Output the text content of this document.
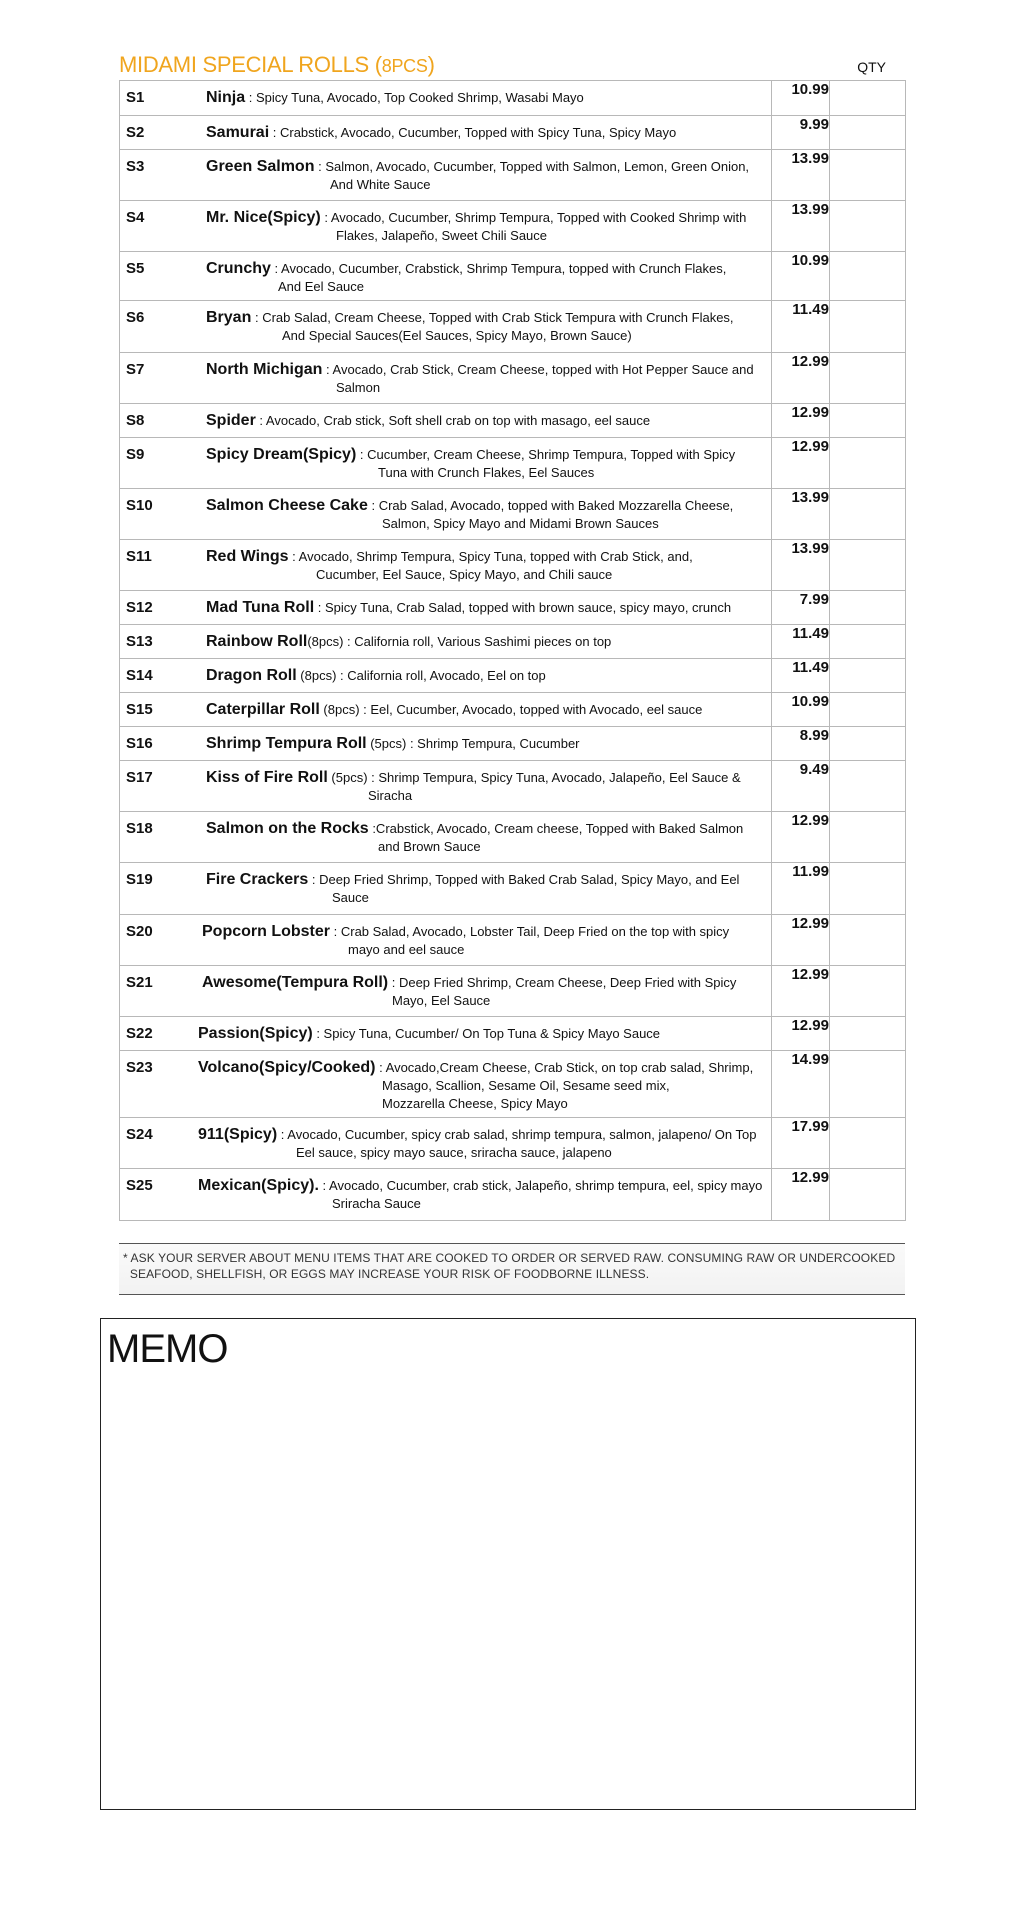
MIDAMI SPECIAL ROLLS (8PCS)	QTY
S1 Ninja : Spicy Tuna, Avocado, Top Cooked Shrimp, Wasabi Mayo	10.99	

S2 Samurai : Crabstick, Avocado, Cucumber, Topped with Spicy Tuna, Spicy Mayo	9.99	

S3 Green Salmon : Salmon, Avocado, Cucumber, Topped with Salmon, Lemon, Green Onion,
And White Sauce	13.99	

S4 Mr. Nice(Spicy) : Avocado, Cucumber, Shrimp Tempura, Topped with Cooked Shrimp with
Flakes, Jalapeño, Sweet Chili Sauce	13.99	

S5 Crunchy : Avocado, Cucumber, Crabstick, Shrimp Tempura, topped with Crunch Flakes,
And Eel Sauce	10.99	

S6 Bryan : Crab Salad, Cream Cheese, Topped with Crab Stick Tempura with Crunch Flakes,
And Special Sauces(Eel Sauces, Spicy Mayo, Brown Sauce)	11.49	

S7 North Michigan : Avocado, Crab Stick, Cream Cheese, topped with Hot Pepper Sauce and
Salmon	12.99	

S8 Spider : Avocado, Crab stick, Soft shell crab on top with masago, eel sauce	12.99	

S9 Spicy Dream(Spicy) : Cucumber, Cream Cheese, Shrimp Tempura, Topped with Spicy
Tuna with Crunch Flakes, Eel Sauces	12.99	

S10 Salmon Cheese Cake : Crab Salad, Avocado, topped with Baked Mozzarella Cheese,
Salmon, Spicy Mayo and Midami Brown Sauces	13.99	

S11 Red Wings : Avocado, Shrimp Tempura, Spicy Tuna, topped with Crab Stick, and,
Cucumber, Eel Sauce, Spicy Mayo, and Chili sauce	13.99	

S12 Mad Tuna Roll : Spicy Tuna, Crab Salad, topped with brown sauce, spicy mayo, crunch	7.99	

S13 Rainbow Roll(8pcs) : California roll, Various Sashimi pieces on top	11.49	

S14 Dragon Roll (8pcs) : California roll, Avocado, Eel on top	11.49	

S15 Caterpillar Roll (8pcs) : Eel, Cucumber, Avocado, topped with Avocado, eel sauce	10.99	

S16 Shrimp Tempura Roll (5pcs) : Shrimp Tempura, Cucumber	8.99	

S17 Kiss of Fire Roll (5pcs) : Shrimp Tempura, Spicy Tuna, Avocado, Jalapeño, Eel Sauce &
Siracha	9.49	

S18 Salmon on the Rocks :Crabstick, Avocado, Cream cheese, Topped with Baked Salmon
and Brown Sauce	12.99	

S19 Fire Crackers : Deep Fried Shrimp, Topped with Baked Crab Salad, Spicy Mayo, and Eel
Sauce	11.99	

S20 Popcorn Lobster : Crab Salad, Avocado, Lobster Tail, Deep Fried on the top with spicy
mayo and eel sauce	12.99	

S21 Awesome(Tempura Roll) : Deep Fried Shrimp, Cream Cheese, Deep Fried with Spicy
Mayo, Eel Sauce	12.99	

S22 Passion(Spicy) : Spicy Tuna, Cucumber/ On Top Tuna & Spicy Mayo Sauce	12.99	

S23 Volcano(Spicy/Cooked) : Avocado,Cream Cheese, Crab Stick, on top crab salad, Shrimp,
Masago, Scallion, Sesame Oil, Sesame seed mix,
Mozzarella Cheese, Spicy Mayo	14.99	

S24 911(Spicy) : Avocado, Cucumber, spicy crab salad, shrimp tempura, salmon, jalapeno/ On Top
Eel sauce, spicy mayo sauce, sriracha sauce, jalapeno	17.99	

S25 Mexican(Spicy). : Avocado, Cucumber, crab stick, Jalapeño, shrimp tempura, eel, spicy mayo
Sriracha Sauce	12.99	

* ASK YOUR SERVER ABOUT MENU ITEMS THAT ARE COOKED TO ORDER OR SERVED RAW. CONSUMING RAW OR UNDERCOOKED
SEAFOOD, SHELLFISH, OR EGGS MAY INCREASE YOUR RISK OF FOODBORNE ILLNESS.

MEMO
